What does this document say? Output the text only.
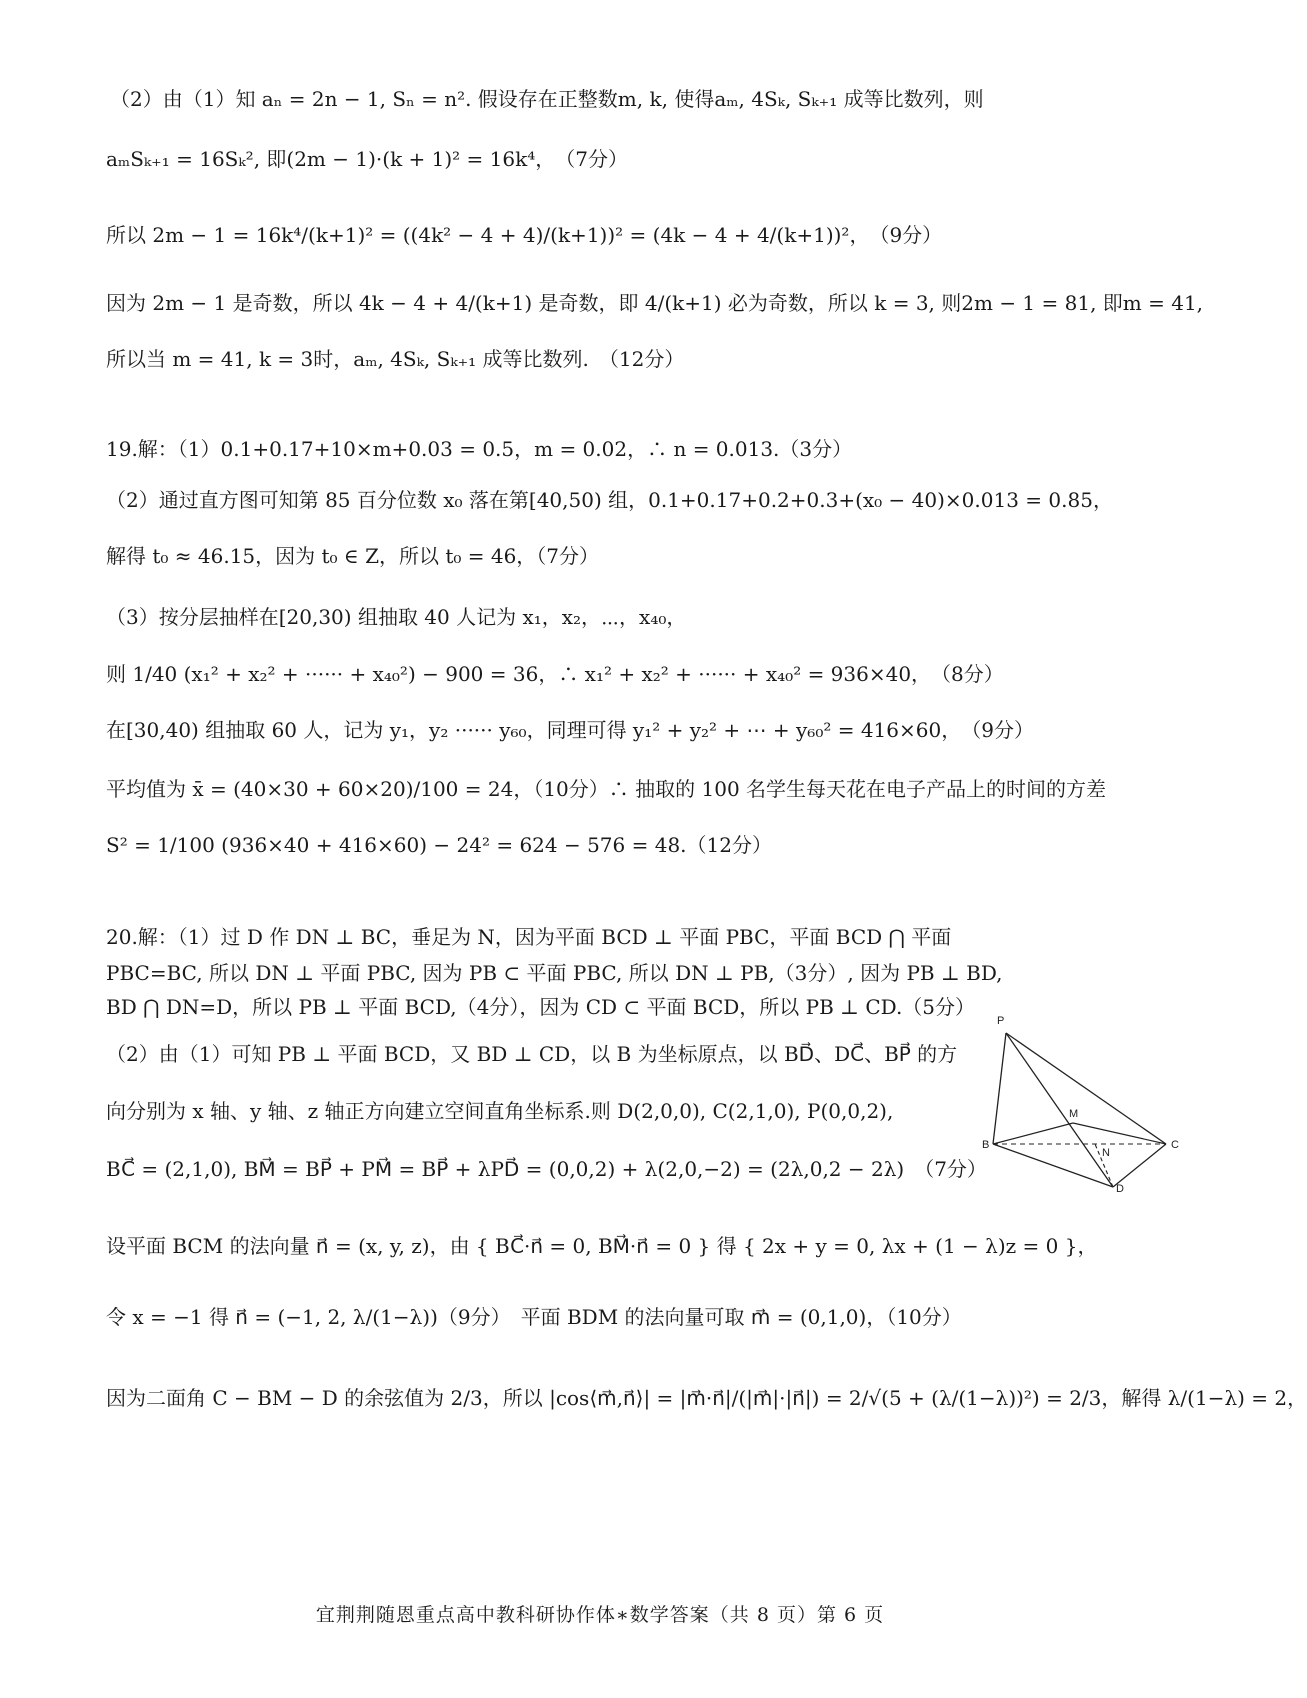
（2）由（1）知 aₙ = 2n − 1, Sₙ = n². 假设存在正整数m, k, 使得aₘ, 4Sₖ, Sₖ₊₁ 成等比数列，则
aₘSₖ₊₁ = 16Sₖ², 即(2m − 1)·(k + 1)² = 16k⁴，　（7分）
所以 2m − 1 = 16k⁴/(k+1)² = ((4k² − 4 + 4)/(k+1))² = (4k − 4 + 4/(k+1))²，　（9分）
因为 2m − 1 是奇数，所以 4k − 4 + 4/(k+1) 是奇数，即 4/(k+1) 必为奇数，所以 k = 3, 则2m − 1 = 81, 即m = 41,
所以当 m = 41, k = 3时，aₘ, 4Sₖ, Sₖ₊₁ 成等比数列.　（12分）
19.解：（1）0.1+0.17+10×m+0.03 = 0.5，m = 0.02，∴ n = 0.013.（3分）
（2）通过直方图可知第 85 百分位数 x₀ 落在第[40,50) 组，0.1+0.17+0.2+0.3+(x₀ − 40)×0.013 = 0.85，
解得 t₀ ≈ 46.15，因为 t₀ ∈ Z，所以 t₀ = 46，（7分）
（3）按分层抽样在[20,30) 组抽取 40 人记为 x₁，x₂，⋯，x₄₀，
则 1/40 (x₁² + x₂² + ······ + x₄₀²) − 900 = 36，∴ x₁² + x₂² + ······ + x₄₀² = 936×40，　（8分）
在[30,40) 组抽取 60 人，记为 y₁，y₂ ······ y₆₀，同理可得 y₁² + y₂² + ⋯ + y₆₀² = 416×60，　（9分）
平均值为 x̄ = (40×30 + 60×20)/100 = 24，（10分）∴ 抽取的 100 名学生每天花在电子产品上的时间的方差
S² = 1/100 (936×40 + 416×60) − 24² = 624 − 576 = 48.（12分）
20.解：（1）过 D 作 DN ⊥ BC，垂足为 N，因为平面 BCD ⊥ 平面 PBC，平面 BCD ⋂ 平面
PBC=BC, 所以 DN ⊥ 平面 PBC, 因为 PB ⊂ 平面 PBC, 所以 DN ⊥ PB,（3分）, 因为 PB ⊥ BD,
BD ⋂ DN=D，所以 PB ⊥ 平面 BCD,（4分），因为 CD ⊂ 平面 BCD，所以 PB ⊥ CD.（5分）
（2）由（1）可知 PB ⊥ 平面 BCD，又 BD ⊥ CD，以 B 为坐标原点，以 BD⃗、DC⃗、BP⃗ 的方
向分别为 x 轴、y 轴、z 轴正方向建立空间直角坐标系.则 D(2,0,0), C(2,1,0), P(0,0,2),
BC⃗ = (2,1,0), BM⃗ = BP⃗ + PM⃗ = BP⃗ + λPD⃗ = (0,0,2) + λ(2,0,−2) = (2λ,0,2 − 2λ)　（7分）
设平面 BCM 的法向量 n⃗ = (x, y, z)，由 { BC⃗·n⃗ = 0, BM⃗·n⃗ = 0 } 得 { 2x + y = 0, λx + (1 − λ)z = 0 }，
令 x = −1 得 n⃗ = (−1, 2, λ/(1−λ))（9分）　平面 BDM 的法向量可取 m⃗ = (0,1,0)，（10分）
因为二面角 C − BM − D 的余弦值为 2/3，所以 |cos⟨m⃗,n⃗⟩| = |m⃗·n⃗|/(|m⃗|·|n⃗|) = 2/√(5 + (λ/(1−λ))²) = 2/3，解得 λ/(1−λ) = 2，
P
B	C
D
M
N
宜荆荆随恩重点高中教科研协作体∗数学答案（共 8 页）第 6 页
